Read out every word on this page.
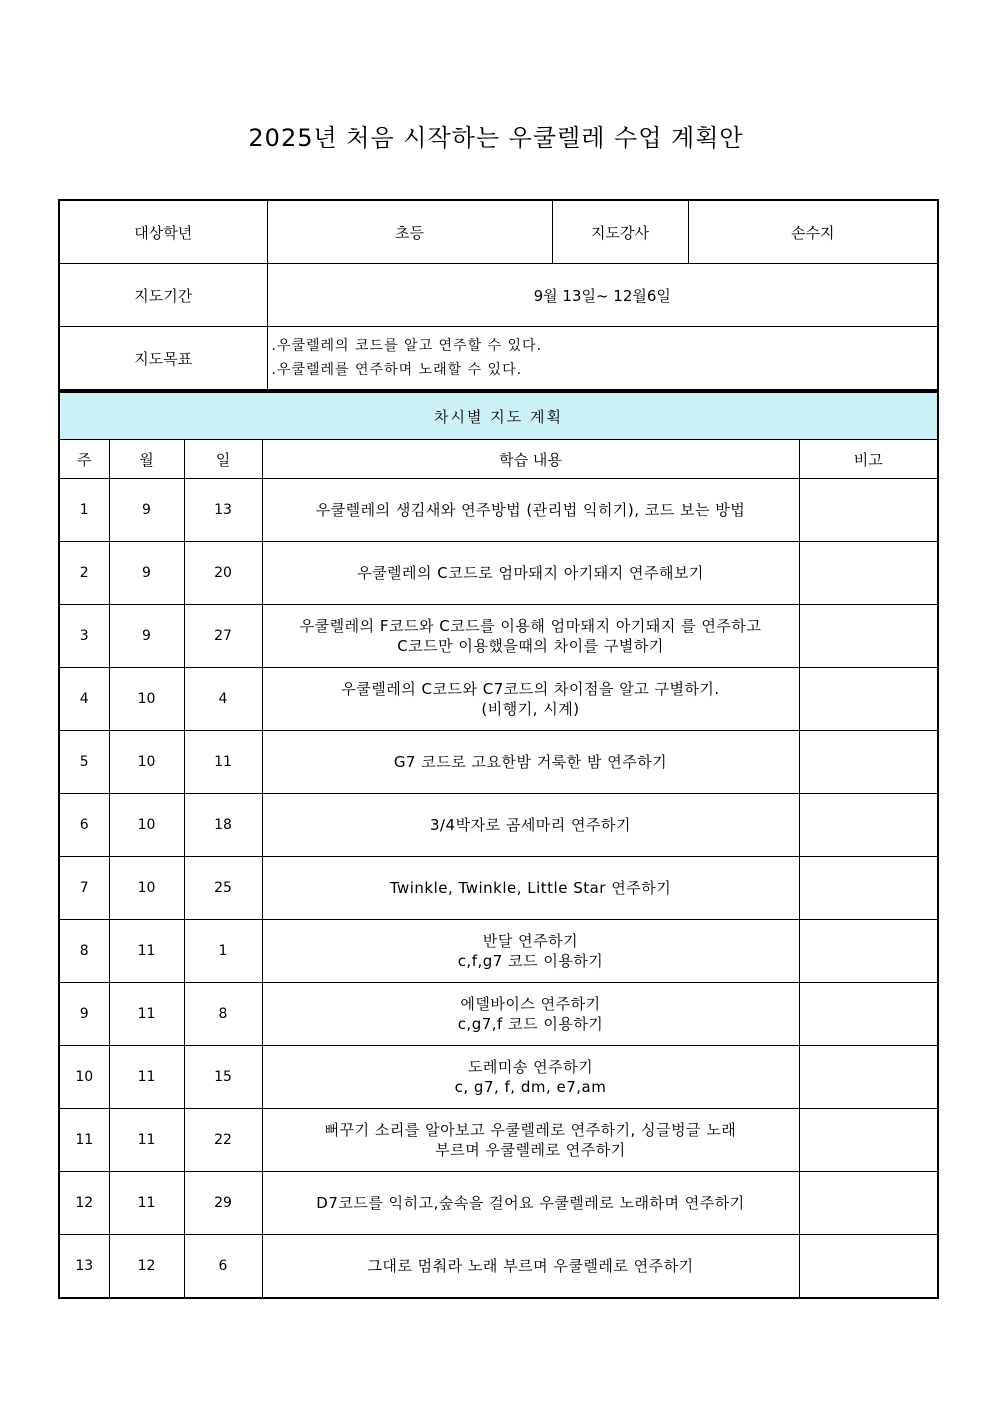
2025년 처음 시작하는 우쿨렐레 수업 계획안
대상학년	초등	지도강사	손수지
지도기간	9월 13일~ 12월6일		
지도목표	.우쿨렐레의 코드를 알고 연주할 수 있다.
.우쿨렐레를 연주하며 노래할 수 있다.		
차시별 지도 계획				
주	월	일	학습 내용	비고
1	9	13	우쿨렐레의 생김새와 연주방법 (관리법 익히기), 코드 보는 방법	

2	9	20	우쿨렐레의 C코드로 엄마돼지 아기돼지 연주해보기	

3	9	27	우쿨렐레의 F코드와 C코드를 이용해 엄마돼지 아기돼지 를 연주하고
C코드만 이용했을때의 차이를 구별하기	

4	10	4	우쿨렐레의 C코드와 C7코드의 차이점을 알고 구별하기.
(비행기, 시계)	

5	10	11	G7 코드로 고요한밤 거룩한 밤 연주하기	

6	10	18	3/4박자로 곰세마리 연주하기	

7	10	25	Twinkle, Twinkle, Little Star 연주하기	

8	11	1	반달 연주하기
c,f,g7 코드 이용하기	

9	11	8	에델바이스 연주하기
c,g7,f 코드 이용하기	

10	11	15	도레미송 연주하기
c, g7, f, dm, e7,am	

11	11	22	뻐꾸기 소리를 알아보고 우쿨렐레로 연주하기, 싱글벙글 노래
부르며 우쿨렐레로 연주하기	

12	11	29	D7코드를 익히고,숲속을 걸어요 우쿨렐레로 노래하며 연주하기	

13	12	6	그대로 멈춰라 노래 부르며 우쿨렐레로 연주하기	
